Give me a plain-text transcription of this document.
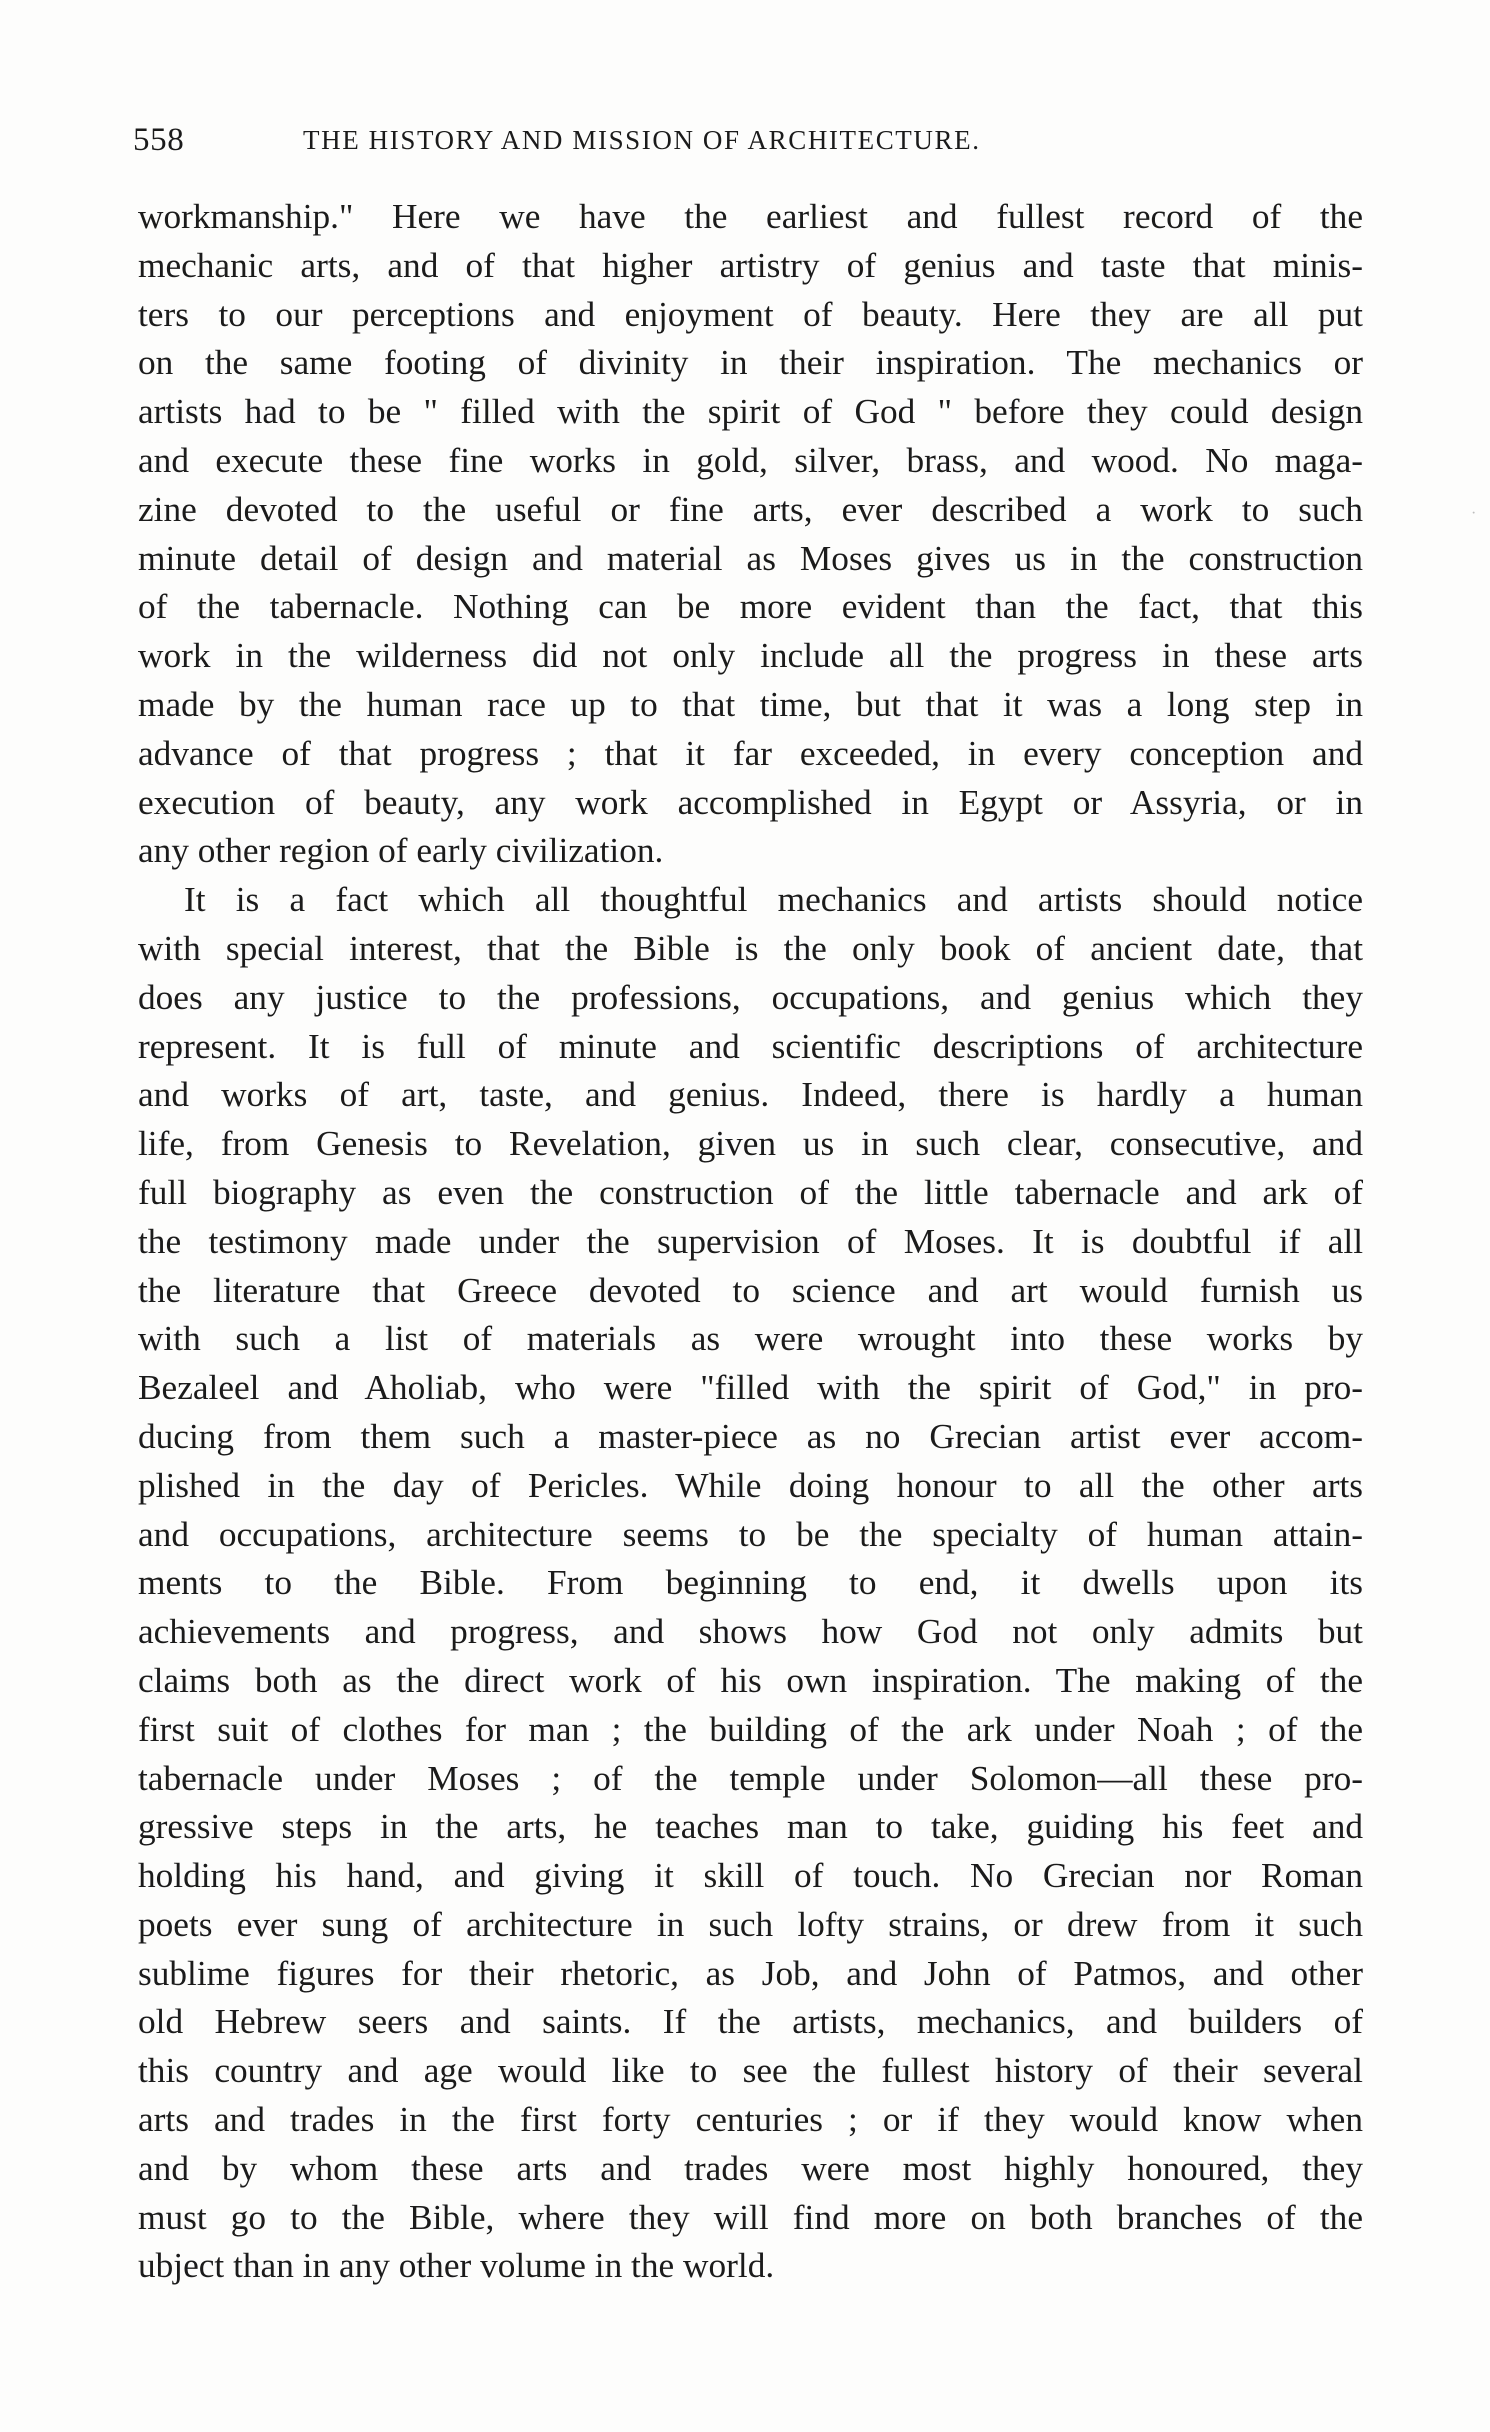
558	THE HISTORY AND MISSION OF ARCHITECTURE.
workmanship." Here we have the earliest and fullest record of the
mechanic arts, and of that higher artistry of genius and taste that minis-
ters to our perceptions and enjoyment of beauty. Here they are all put
on the same footing of divinity in their inspiration. The mechanics or
artists had to be " filled with the spirit of God " before they could design
and execute these fine works in gold, silver, brass, and wood. No maga-
zine devoted to the useful or fine arts, ever described a work to such
minute detail of design and material as Moses gives us in the construction
of the tabernacle. Nothing can be more evident than the fact, that this
work in the wilderness did not only include all the progress in these arts
made by the human race up to that time, but that it was a long step in
advance of that progress ; that it far exceeded, in every conception and
execution of beauty, any work accomplished in Egypt or Assyria, or in
any other region of early civilization.
It is a fact which all thoughtful mechanics and artists should notice
with special interest, that the Bible is the only book of ancient date, that
does any justice to the professions, occupations, and genius which they
represent. It is full of minute and scientific descriptions of architecture
and works of art, taste, and genius. Indeed, there is hardly a human
life, from Genesis to Revelation, given us in such clear, consecutive, and
full biography as even the construction of the little tabernacle and ark of
the testimony made under the supervision of Moses. It is doubtful if all
the literature that Greece devoted to science and art would furnish us
with such a list of materials as were wrought into these works by
Bezaleel and Aholiab, who were "filled with the spirit of God," in pro-
ducing from them such a master-piece as no Grecian artist ever accom-
plished in the day of Pericles. While doing honour to all the other arts
and occupations, architecture seems to be the specialty of human attain-
ments to the Bible. From beginning to end, it dwells upon its
achievements and progress, and shows how God not only admits but
claims both as the direct work of his own inspiration. The making of the
first suit of clothes for man ; the building of the ark under Noah ; of the
tabernacle under Moses ; of the temple under Solomon—all these pro-
gressive steps in the arts, he teaches man to take, guiding his feet and
holding his hand, and giving it skill of touch. No Grecian nor Roman
poets ever sung of architecture in such lofty strains, or drew from it such
sublime figures for their rhetoric, as Job, and John of Patmos, and other
old Hebrew seers and saints. If the artists, mechanics, and builders of
this country and age would like to see the fullest history of their several
arts and trades in the first forty centuries ; or if they would know when
and by whom these arts and trades were most highly honoured, they
must go to the Bible, where they will find more on both branches of the
ubject than in any other volume in the world.
·
